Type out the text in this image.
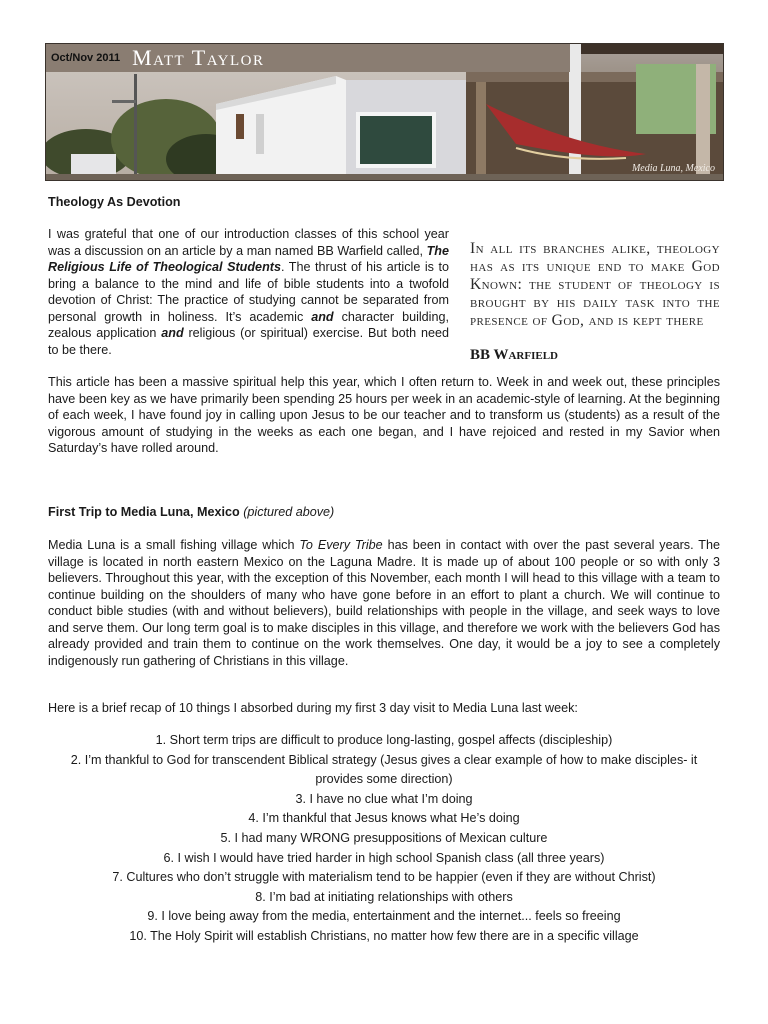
Oct/Nov 2011 Matt Taylor
Media Luna, Mexico
Theology As Devotion
I was grateful that one of our introduction classes of this school year was a discussion on an article by a man named BB Warfield called, The Religious Life of Theological Students. The thrust of his article is to bring a balance to the mind and life of bible students into a twofold devotion of Christ: The practice of studying cannot be separated from personal growth in holiness. It’s academic and character building, zealous application and religious (or spiritual) exercise. But both need to be there.
In all its branches alike, theology has as its unique end to make God Known: the student of theology is brought by his daily task into the presence of God, and is kept there
BB Warfield
This article has been a massive spiritual help this year, which I often return to. Week in and week out, these principles have been key as we have primarily been spending 25 hours per week in an academic-style of learning. At the beginning of each week, I have found joy in calling upon Jesus to be our teacher and to transform us (students) as a result of the vigorous amount of studying in the weeks as each one began, and I have rejoiced and rested in my Savior when Saturday’s have rolled around.
First Trip to Media Luna, Mexico (pictured above)
Media Luna is a small fishing village which To Every Tribe has been in contact with over the past several years. The village is located in north eastern Mexico on the Laguna Madre. It is made up of about 100 people or so with only 3 believers. Throughout this year, with the exception of this November, each month I will head to this village with a team to continue building on the shoulders of many who have gone before in an effort to plant a church. We will continue to conduct bible studies (with and without believers), build relationships with people in the village, and seek ways to love and serve them. Our long term goal is to make disciples in this village, and therefore we work with the believers God has already provided and train them to continue on the work themselves. One day, it would be a joy to see a completely indigenously run gathering of Christians in this village.
Here is a brief recap of 10 things I absorbed during my first 3 day visit to Media Luna last week:
1. Short term trips are difficult to produce long-lasting, gospel affects (discipleship)
2. I’m thankful to God for transcendent Biblical strategy (Jesus gives a clear example of how to make disciples- it provides some direction)
3. I have no clue what I’m doing
4. I’m thankful that Jesus knows what He’s doing
5. I had many WRONG presuppositions of Mexican culture
6. I wish I would have tried harder in high school Spanish class (all three years)
7. Cultures who don’t struggle with materialism tend to be happier (even if they are without Christ)
8. I’m bad at initiating relationships with others
9. I love being away from the media, entertainment and the internet... feels so freeing
10. The Holy Spirit will establish Christians, no matter how few there are in a specific village
